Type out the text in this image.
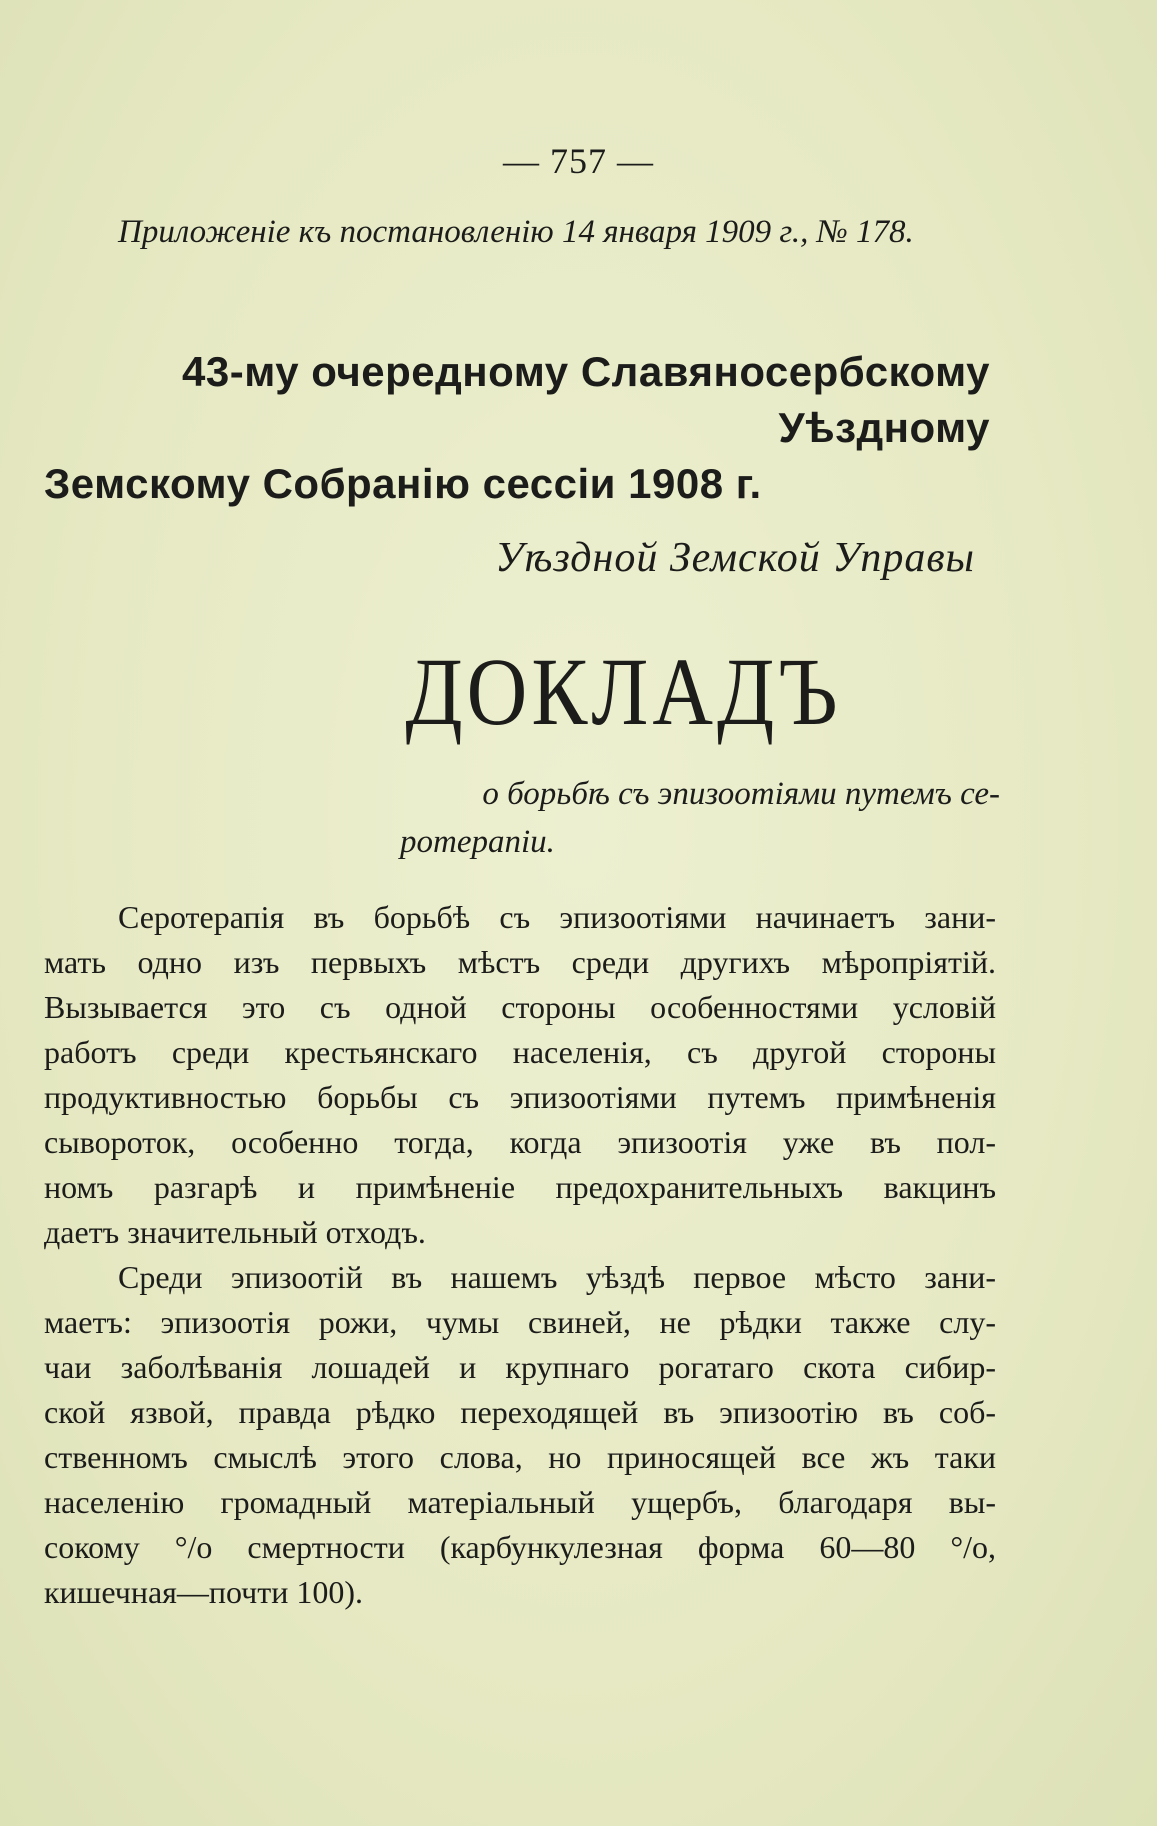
— 757 —
Приложеніе къ постановленію 14 января 1909 г., № 178.
43-му очередному Славяносербскому Уѣздному
Земскому Собранію сессіи 1908 г.
Уѣздной Земской Управы
ДОКЛАДЪ
о борьбѣ съ эпизоотіями путемъ се-
ротерапіи.

Серотерапія въ борьбѣ съ эпизоотіями начинаетъ зани-
мать одно изъ первыхъ мѣстъ среди другихъ мѣропріятій.
Вызывается это съ одной стороны особенностями условій
работъ среди крестьянскаго населенія, съ другой стороны
продуктивностью борьбы съ эпизоотіями путемъ примѣненія
сывороток, особенно тогда, когда эпизоотія уже въ пол-
номъ разгарѣ и примѣненіе предохранительныхъ вакцинъ
даетъ значительный отходъ.

Среди эпизоотій въ нашемъ уѣздѣ первое мѣсто зани-
маетъ: эпизоотія рожи, чумы свиней, не рѣдки также слу-
чаи заболѣванія лошадей и крупнаго рогатаго скота сибир-
ской язвой, правда рѣдко переходящей въ эпизоотію въ соб-
ственномъ смыслѣ этого слова, но приносящей все жъ таки
населенію громадный матеріальный ущербъ, благодаря вы-
сокому °/о смертности (карбункулезная форма 60—80 °/о,
кишечная—почти 100).
